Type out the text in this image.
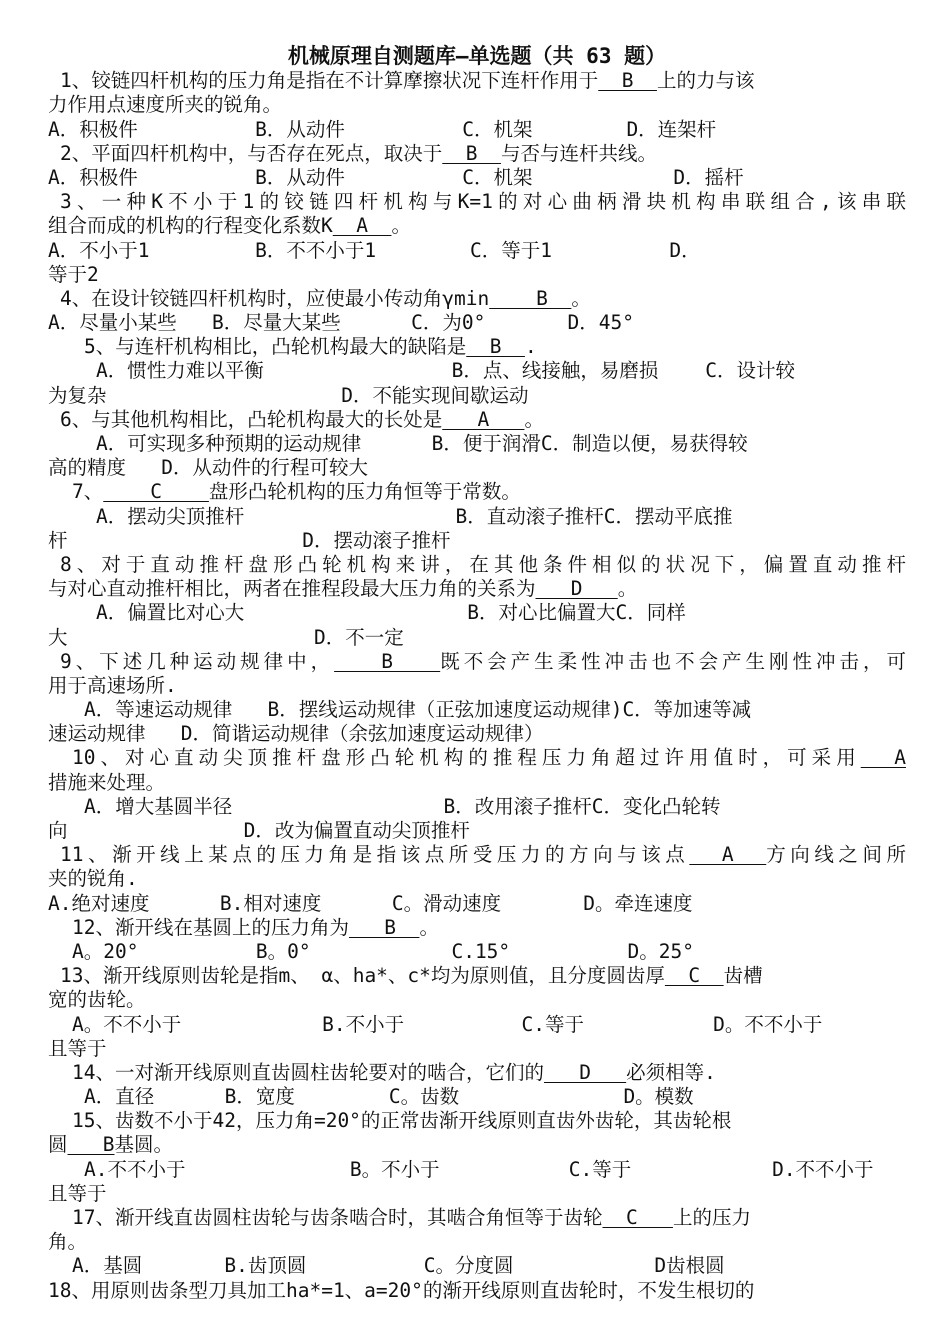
机械原理自测题库—单选题（共 63 题）
1、铰链四杆机构的压力角是指在不计算摩擦状况下连杆作用于  B  上的力与该
力作用点速度所夹的锐角。
A．积极件          B．从动件          C．机架        D．连架杆
2、平面四杆机构中，与否存在死点，取决于  B  与否与连杆共线。
A．积极件          B．从动件          C．机架            D．摇杆
3、一种K不小于1的铰链四杆机构与K=1的对心曲柄滑块机构串联组合,该串联
组合而成的机构的行程变化系数K  A  。
A．不小于1         B．不不小于1        C．等于1          D．
等于2
4、在设计铰链四杆机构时，应使最小传动角γmin    B  。
A．尽量小某些   B．尽量大某些      C．为0°       D．45°
5、与连杆机构相比，凸轮机构最大的缺陷是  B  .
A．惯性力难以平衡                B．点、线接触，易磨损    C．设计较
为复杂                    D．不能实现间歇运动
6、与其他机构相比，凸轮机构最大的长处是   A   。
A．可实现多种预期的运动规律      B．便于润滑C．制造以便，易获得较
高的精度   D．从动件的行程可较大
7、    C    盘形凸轮机构的压力角恒等于常数。
A．摆动尖顶推杆                  B．直动滚子推杆C．摆动平底推
杆                    D．摆动滚子推杆
8、对于直动推杆盘形凸轮机构来讲，在其他条件相似的状况下，偏置直动推杆
与对心直动推杆相比，两者在推程段最大压力角的关系为   D   。
A．偏置比对心大                   B．对心比偏置大C．同样
大                     D．不一定
9、下述几种运动规律中，   B   既不会产生柔性冲击也不会产生刚性冲击，可
用于高速场所.
A．等速运动规律   B．摆线运动规律（正弦加速度运动规律)C．等加速等减
速运动规律   D．简谐运动规律（余弦加速度运动规律）
10、对心直动尖顶推杆盘形凸轮机构的推程压力角超过许用值时，可采用  A
措施来处理。
A．增大基圆半径                  B．改用滚子推杆C．变化凸轮转
向               D．改为偏置直动尖顶推杆
11、渐开线上某点的压力角是指该点所受压力的方向与该点  A  方向线之间所
夹的锐角.
A.绝对速度      B.相对速度      C。滑动速度       D。牵连速度
12、渐开线在基圆上的压力角为   B  。
A。20°          B。0°            C.15°          D。25°
13、渐开线原则齿轮是指m、 α、ha*、c*均为原则值，且分度圆齿厚  C  齿槽
宽的齿轮。
A。不不小于            B.不小于          C.等于           D。不不小于
且等于
14、一对渐开线原则直齿圆柱齿轮要对的啮合，它们的   D   必须相等.
A．直径      B．宽度        C。齿数              D。模数
15、齿数不小于42，压力角=20°的正常齿渐开线原则直齿外齿轮，其齿轮根
圆   B基圆。
A.不不小于              B。不小于           C.等于            D.不不小于
且等于
17、渐开线直齿圆柱齿轮与齿条啮合时，其啮合角恒等于齿轮  C   上的压力
角。
A．基圆       B.齿顶圆          C。分度圆            D齿根圆
18、用原则齿条型刀具加工ha*=1、a=20°的渐开线原则直齿轮时，不发生根切的
